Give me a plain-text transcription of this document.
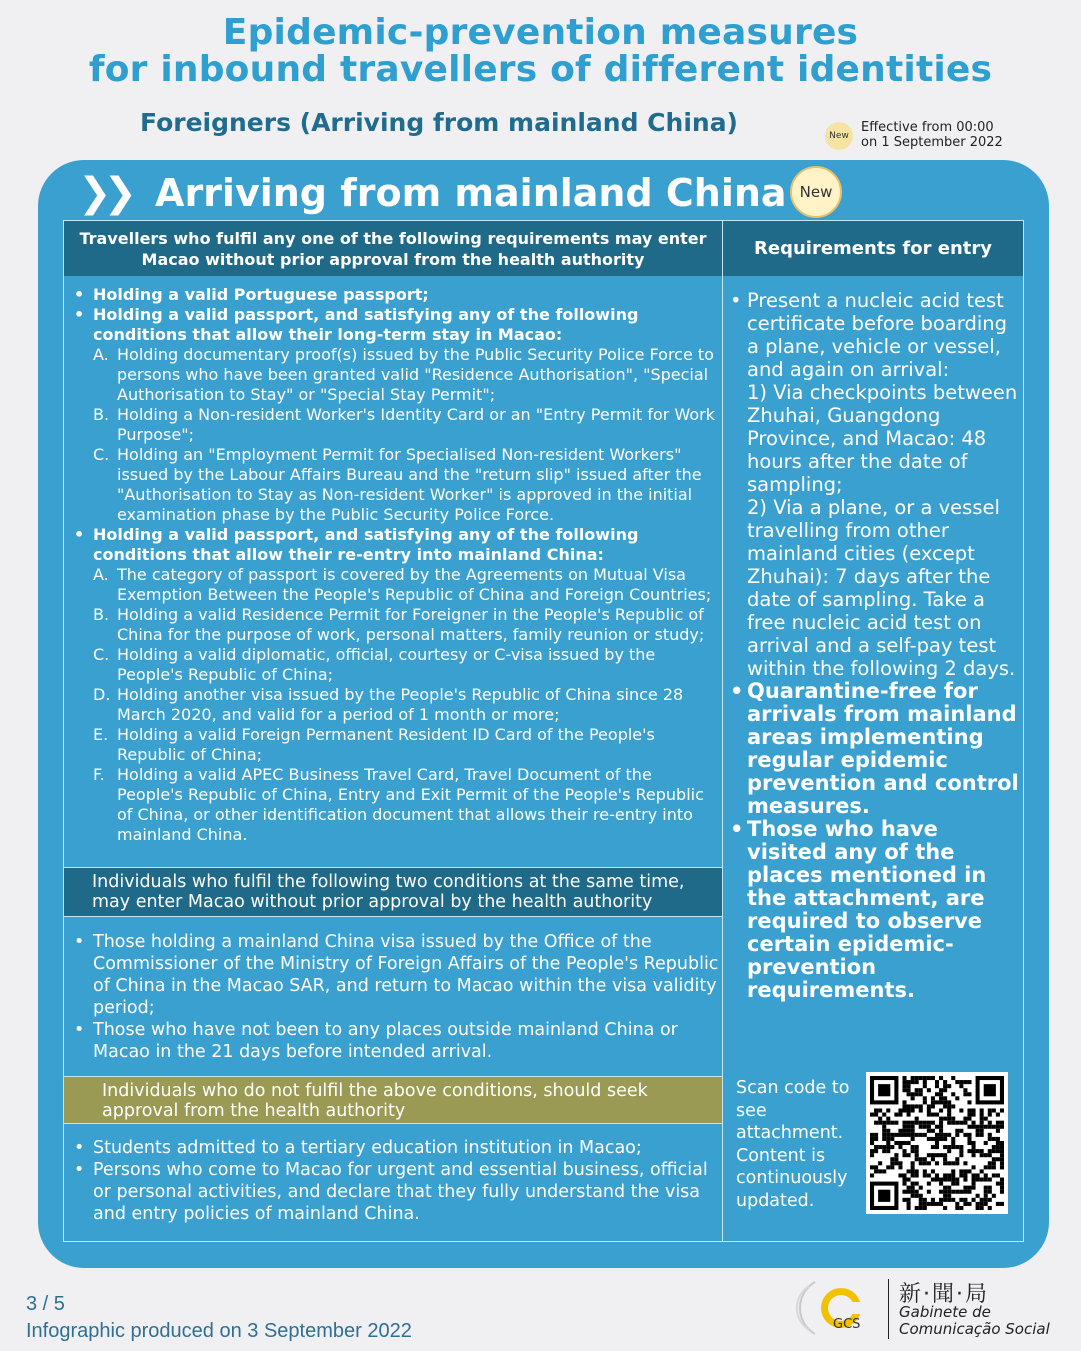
Epidemic-prevention measures
for inbound travellers of different identities
Foreigners (Arriving from mainland China)	New
Effective from 00:00
on 1 September 2022
❯❯ Arriving from mainland China New
Travellers who fulfil any one of the following requirements may enter Macao without prior approval from the health authority	Requirements for entry
• Holding a valid Portuguese passport;
• Holding a valid passport, and satisfying any of the following conditions that allow their long-term stay in Macao:
A. Holding documentary proof(s) issued by the Public Security Police Force to persons who have been granted valid "Residence Authorisation", "Special Authorisation to Stay" or "Special Stay Permit";
B. Holding a Non-resident Worker's Identity Card or an "Entry Permit for Work Purpose";
C. Holding an "Employment Permit for Specialised Non-resident Workers" issued by the Labour Affairs Bureau and the "return slip" issued after the "Authorisation to Stay as Non-resident Worker" is approved in the initial examination phase by the Public Security Police Force.
• Holding a valid passport, and satisfying any of the following conditions that allow their re-entry into mainland China:
A. The category of passport is covered by the Agreements on Mutual Visa Exemption Between the People's Republic of China and Foreign Countries;
B. Holding a valid Residence Permit for Foreigner in the People's Republic of China for the purpose of work, personal matters, family reunion or study;
C. Holding a valid diplomatic, official, courtesy or C-visa issued by the People's Republic of China;
D. Holding another visa issued by the People's Republic of China since 28 March 2020, and valid for a period of 1 month or more;
E. Holding a valid Foreign Permanent Resident ID Card of the People's Republic of China;
F. Holding a valid APEC Business Travel Card, Travel Document of the People's Republic of China, Entry and Exit Permit of the People's Republic of China, or other identification document that allows their re-entry into mainland China.
Individuals who fulfil the following two conditions at the same time, may enter Macao without prior approval by the health authority
• Those holding a mainland China visa issued by the Office of the Commissioner of the Ministry of Foreign Affairs of the People's Republic of China in the Macao SAR, and return to Macao within the visa validity period;
• Those who have not been to any places outside mainland China or Macao in the 21 days before intended arrival.
Individuals who do not fulfil the above conditions, should seek approval from the health authority
• Students admitted to a tertiary education institution in Macao;
• Persons who come to Macao for urgent and essential business, official or personal activities, and declare that they fully understand the visa and entry policies of mainland China.
• Present a nucleic acid test certificate before boarding a plane, vehicle or vessel, and again on arrival:
1) Via checkpoints between Zhuhai, Guangdong Province, and Macao: 48 hours after the date of sampling;
2) Via a plane, or a vessel travelling from other mainland cities (except Zhuhai): 7 days after the date of sampling. Take a free nucleic acid test on arrival and a self-pay test within the following 2 days.
• Quarantine-free for arrivals from mainland areas implementing regular epidemic prevention and control measures.
• Those who have visited any of the places mentioned in the attachment, are required to observe certain epidemic-prevention requirements.
Scan code to see attachment. Content is continuously updated.
3 / 5
Infographic produced on 3 September 2022	GCS
新·聞·局
Gabinete de
Comunicação Social
